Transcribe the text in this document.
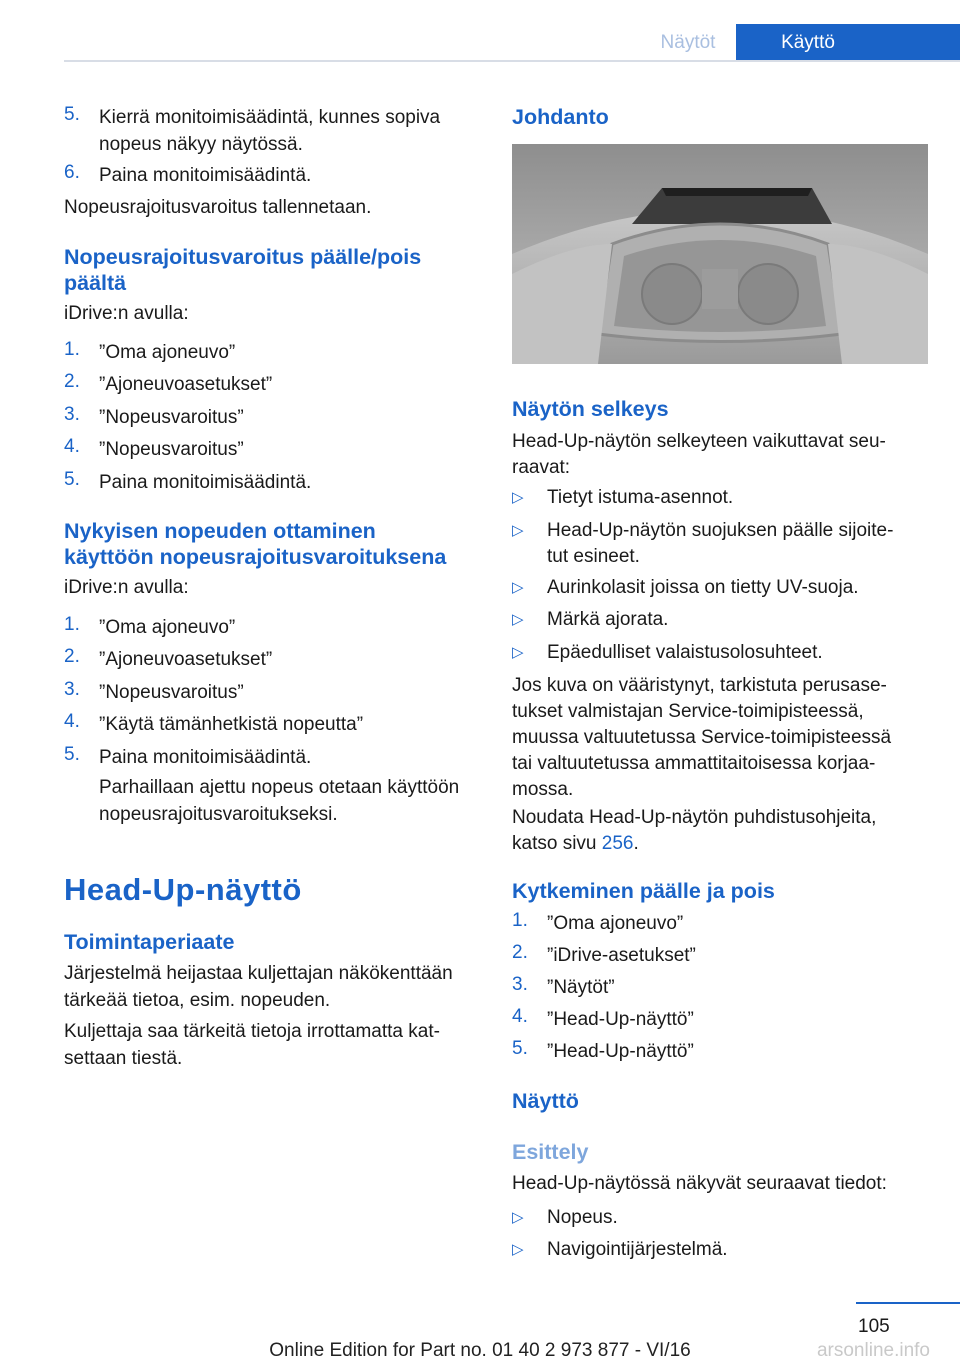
Näytöt	Käyttö
5. Kierrä monitoimisäädintä, kunnes sopiva
nopeus näkyy näytössä.
6. Paina monitoimisäädintä.
Nopeusrajoitusvaroitus tallennetaan.
Nopeusrajoitusvaroitus päälle/pois
päältä
iDrive:n avulla:
1. ”Oma ajoneuvo”
2. ”Ajoneuvoasetukset”
3. ”Nopeusvaroitus”
4. ”Nopeusvaroitus”
5. Paina monitoimisäädintä.
Nykyisen nopeuden ottaminen
käyttöön nopeusrajoitusvaroituksena
iDrive:n avulla:
1. ”Oma ajoneuvo”
2. ”Ajoneuvoasetukset”
3. ”Nopeusvaroitus”
4. ”Käytä tämänhetkistä nopeutta”
5. Paina monitoimisäädintä.
Parhaillaan ajettu nopeus otetaan käyttöön
nopeusrajoitusvaroitukseksi.
Head-Up-näyttö
Toimintaperiaate
Järjestelmä heijastaa kuljettajan näkökenttään
tärkeää tietoa, esim. nopeuden.
Kuljettaja saa tärkeitä tietoja irrottamatta kat-
settaan tiestä.
Johdanto
Näytön selkeys
Head-Up-näytön selkeyteen vaikuttavat seu-
raavat:
▷ Tietyt istuma-asennot.
▷ Head-Up-näytön suojuksen päälle sijoite-
tut esineet.
▷ Aurinkolasit joissa on tietty UV-suoja.
▷ Märkä ajorata.
▷ Epäedulliset valaistusolosuhteet.
Jos kuva on vääristynyt, tarkistuta perusase-
tukset valmistajan Service-toimipisteessä,
muussa valtuutetussa Service-toimipisteessä
tai valtuutetussa ammattitaitoisessa korjaa-
mossa.
Noudata Head-Up-näytön puhdistusohjeita,
katso sivu 256.
Kytkeminen päälle ja pois
1. ”Oma ajoneuvo”
2. ”iDrive-asetukset”
3. ”Näytöt”
4. ”Head-Up-näyttö”
5. ”Head-Up-näyttö”
Näyttö
Esittely
Head-Up-näytössä näkyvät seuraavat tiedot:
▷ Nopeus.
▷ Navigointijärjestelmä.
105
arsonline.info
Online Edition for Part no. 01 40 2 973 877 - VI/16
